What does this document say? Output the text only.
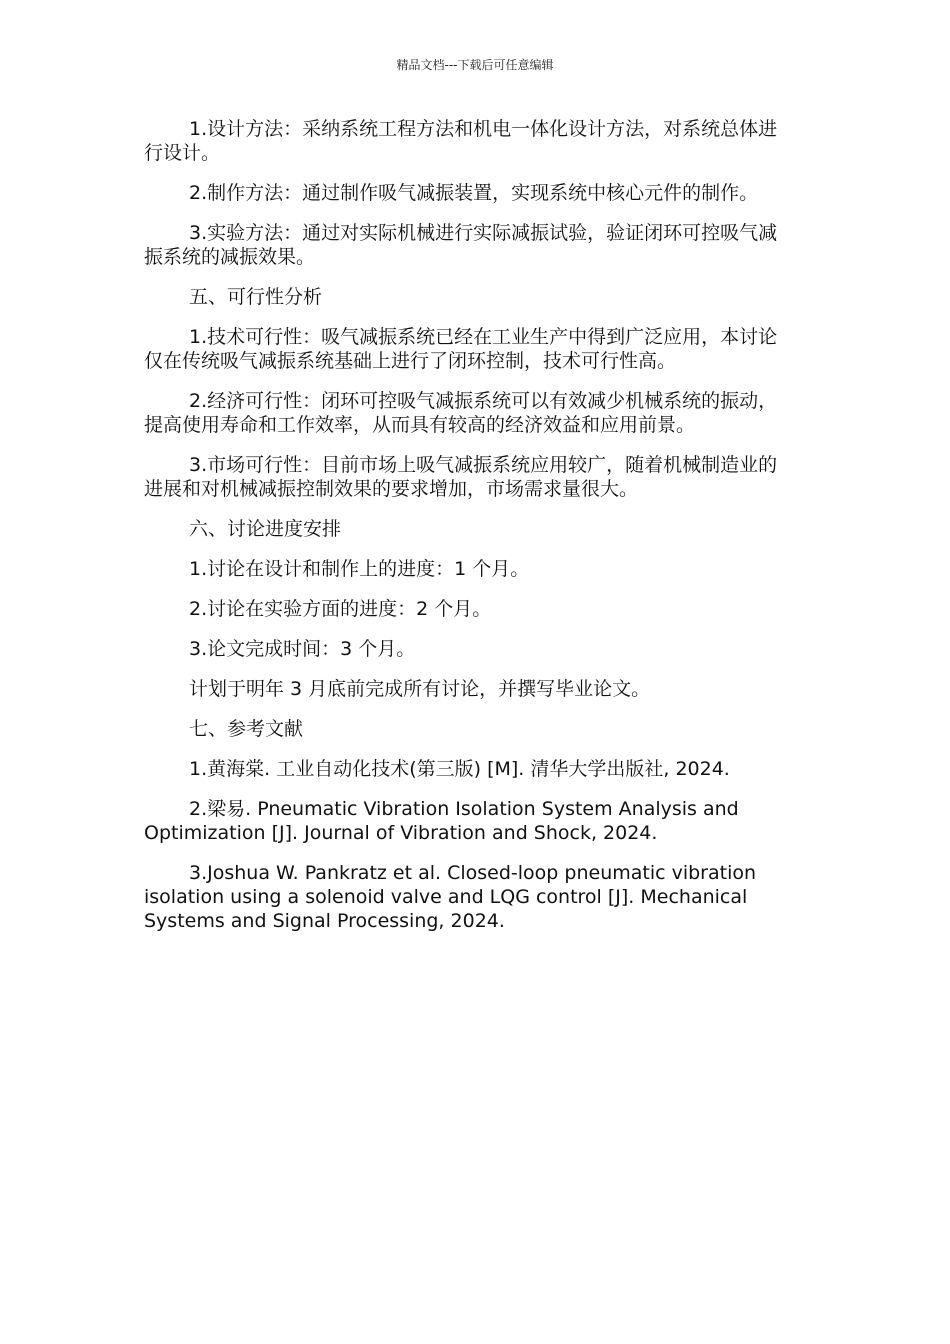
精品文档---下载后可任意编辑

1.设计方法：采纳系统工程方法和机电一体化设计方法，对系统总体进行设计。

2.制作方法：通过制作吸气减振装置，实现系统中核心元件的制作。

3.实验方法：通过对实际机械进行实际减振试验，验证闭环可控吸气减振系统的减振效果。

五、可行性分析

1.技术可行性：吸气减振系统已经在工业生产中得到广泛应用，本讨论仅在传统吸气减振系统基础上进行了闭环控制，技术可行性高。

2.经济可行性：闭环可控吸气减振系统可以有效减少机械系统的振动，提高使用寿命和工作效率，从而具有较高的经济效益和应用前景。

3.市场可行性：目前市场上吸气减振系统应用较广，随着机械制造业的进展和对机械减振控制效果的要求增加，市场需求量很大。

六、讨论进度安排

1.讨论在设计和制作上的进度：1 个月。

2.讨论在实验方面的进度：2 个月。

3.论文完成时间：3 个月。

计划于明年 3 月底前完成所有讨论，并撰写毕业论文。

七、参考文献

1.黄海棠. 工业自动化技术(第三版) [M]. 清华大学出版社, 2024.

2.梁易. Pneumatic Vibration Isolation System Analysis and Optimization [J]. Journal of Vibration and Shock, 2024.

3.Joshua W. Pankratz et al. Closed-loop pneumatic vibration isolation using a solenoid valve and LQG control [J]. Mechanical Systems and Signal Processing, 2024.
